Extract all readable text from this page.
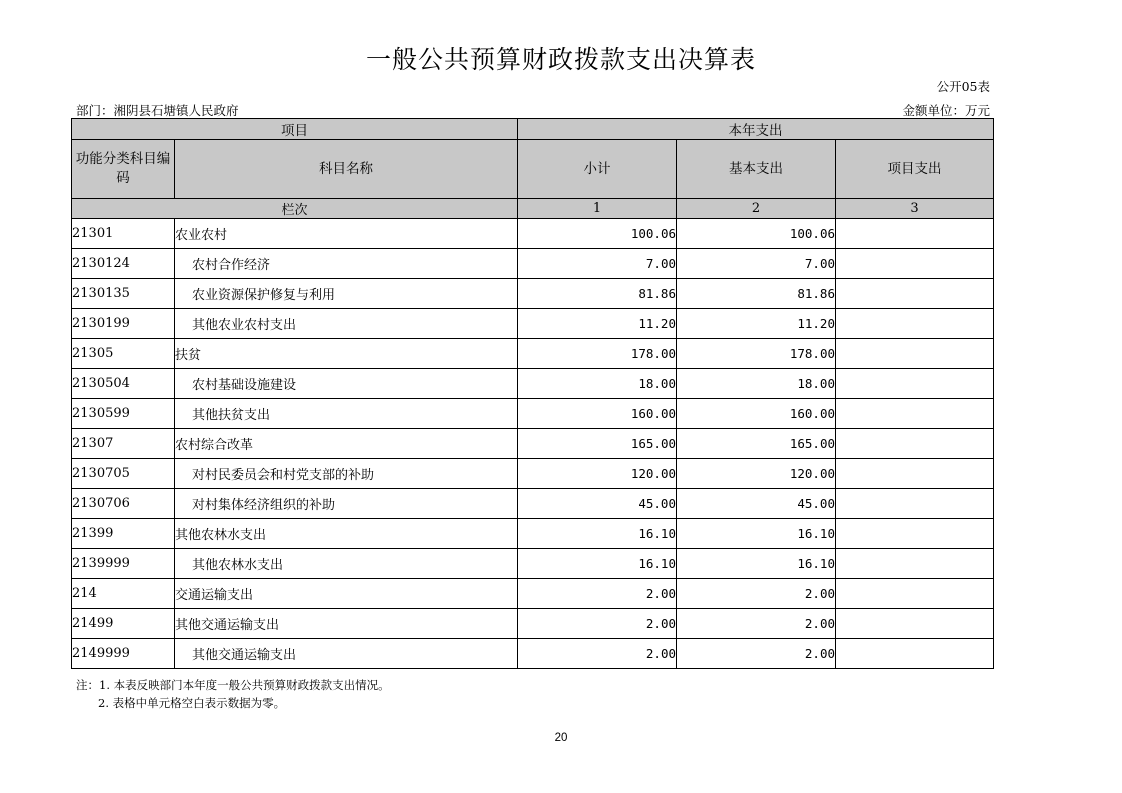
一般公共预算财政拨款支出决算表
公开05表
部门：湘阴县石塘镇人民政府	金额单位：万元
项目		本年支出		
功能分类科目编码	科目名称	小计	基本支出	项目支出
栏次		1	2	3
21301	农业农村	100.06	100.06	
2130124	农村合作经济	7.00	7.00	
2130135	农业资源保护修复与利用	81.86	81.86	
2130199	其他农业农村支出	11.20	11.20	
21305	扶贫	178.00	178.00	
2130504	农村基础设施建设	18.00	18.00	
2130599	其他扶贫支出	160.00	160.00	
21307	农村综合改革	165.00	165.00	
2130705	对村民委员会和村党支部的补助	120.00	120.00	
2130706	对村集体经济组织的补助	45.00	45.00	
21399	其他农林水支出	16.10	16.10	
2139999	其他农林水支出	16.10	16.10	
214	交通运输支出	2.00	2.00	
21499	其他交通运输支出	2.00	2.00	
2149999	其他交通运输支出	2.00	2.00	
注：1. 本表反映部门本年度一般公共预算财政拨款支出情况。
2. 表格中单元格空白表示数据为零。
20
